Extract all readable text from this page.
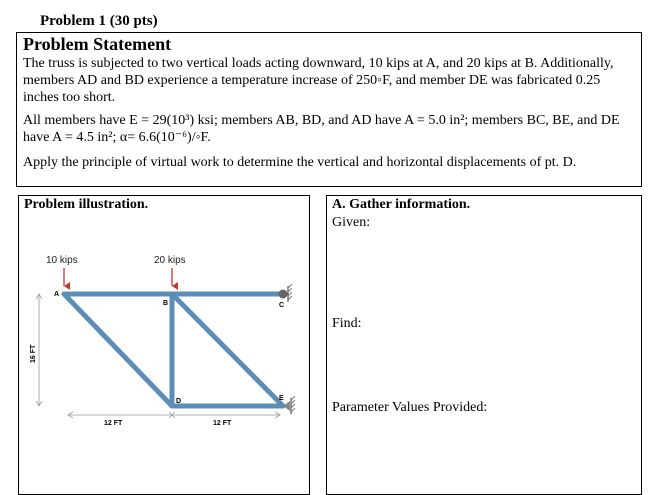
Problem 1 (30 pts)
Problem Statement
The truss is subjected to two vertical loads acting downward, 10 kips at A, and 20 kips at B. Additionally, members AD and BD experience a temperature increase of 250◦F, and member DE was fabricated 0.25 inches too short.
All members have E = 29(10³) ksi; members AB, BD, and AD have A = 5.0 in²; members BC, BE, and DE have A = 4.5 in²; α= 6.6(10⁻⁶)/◦F.
Apply the principle of virtual work to determine the vertical and horizontal displacements of pt. D.
Problem illustration.	A. Gather information.
Given:
Find:
Parameter Values Provided:
10 kips	20 kips
A
B	C
D	E
16 FT
12 FT	12 FT
